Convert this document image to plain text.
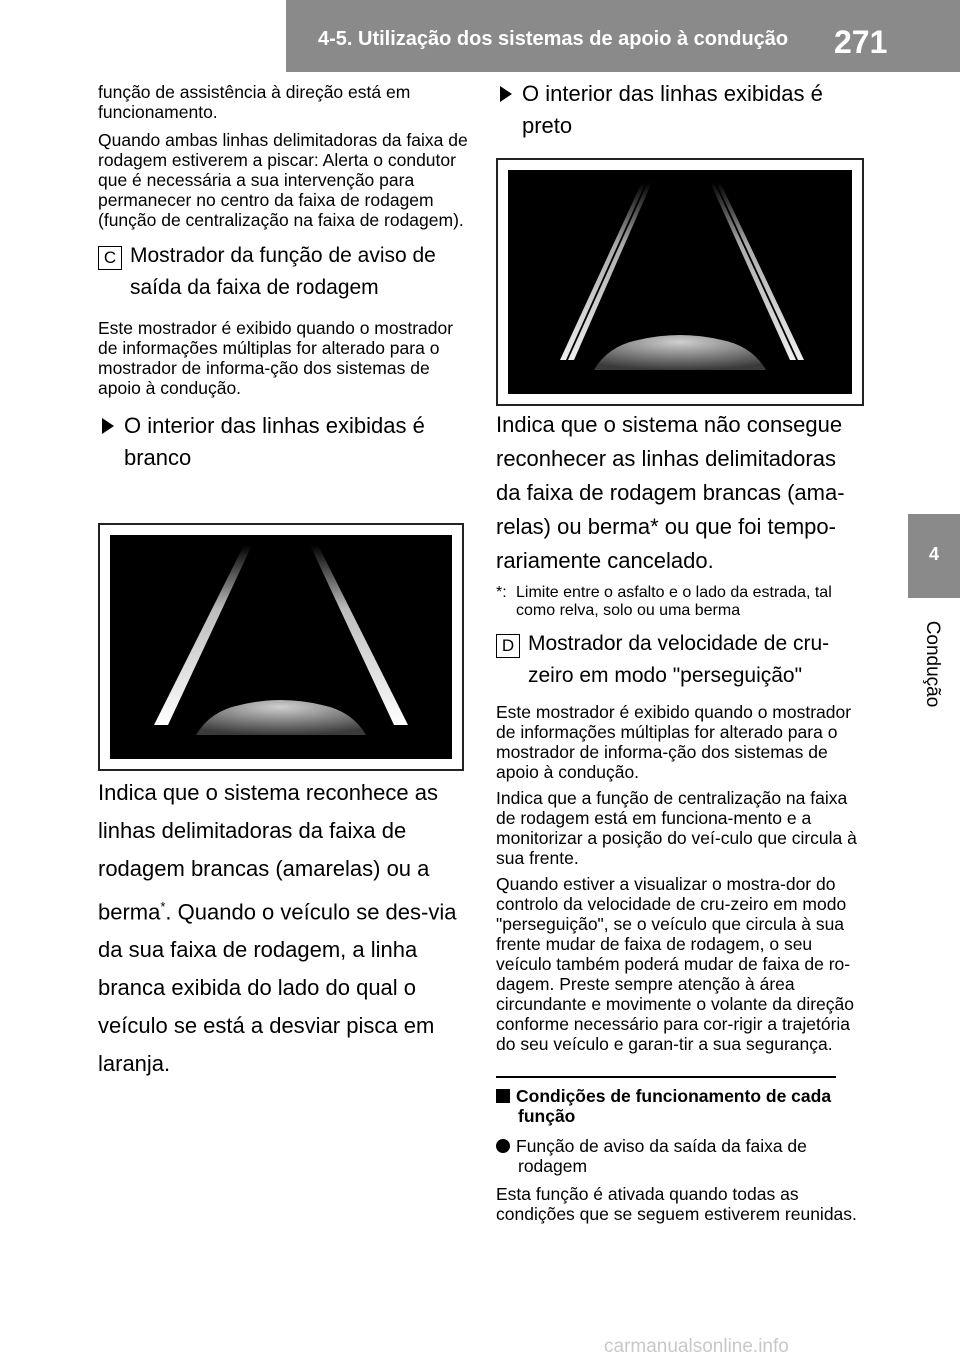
4-5. Utilização dos sistemas de apoio à condução 271
4
Condução

função de assistência à direção está em funcionamento.

Quando ambas linhas delimitadoras da faixa de rodagem estiverem a piscar: Alerta o condutor que é necessária a sua intervenção para permanecer no centro da faixa de rodagem (função de centralização na faixa de rodagem).

C Mostrador da função de aviso de saída da faixa de rodagem

Este mostrador é exibido quando o mostrador de informações múltiplas for alterado para o mostrador de informa-ção dos sistemas de apoio à condução.

O interior das linhas exibidas é branco

Indica que o sistema reconhece as linhas delimitadoras da faixa de rodagem brancas (amarelas) ou a berma*. Quando o veículo se des-via da sua faixa de rodagem, a linha branca exibida do lado do qual o veículo se está a desviar pisca em laranja.

O interior das linhas exibidas é preto

Indica que o sistema não consegue reconhecer as linhas delimitadoras da faixa de rodagem brancas (ama-relas) ou berma* ou que foi tempo-rariamente cancelado.

*: Limite entre o asfalto e o lado da estrada, tal como relva, solo ou uma berma
D Mostrador da velocidade de cru-zeiro em modo "perseguição"

Este mostrador é exibido quando o mostrador de informações múltiplas for alterado para o mostrador de informa-ção dos sistemas de apoio à condução.

Indica que a função de centralização na faixa de rodagem está em funciona-mento e a monitorizar a posição do veí-culo que circula à sua frente.

Quando estiver a visualizar o mostra-dor do controlo da velocidade de cru-zeiro em modo "perseguição", se o veículo que circula à sua frente mudar de faixa de rodagem, o seu veículo também poderá mudar de faixa de ro-dagem. Preste sempre atenção à área circundante e movimente o volante da direção conforme necessário para cor-rigir a trajetória do seu veículo e garan-tir a sua segurança.

Condições de funcionamento de cada função

Função de aviso da saída da faixa de rodagem

Esta função é ativada quando todas as condições que se seguem estiverem reunidas.

carmanualsonline.info
